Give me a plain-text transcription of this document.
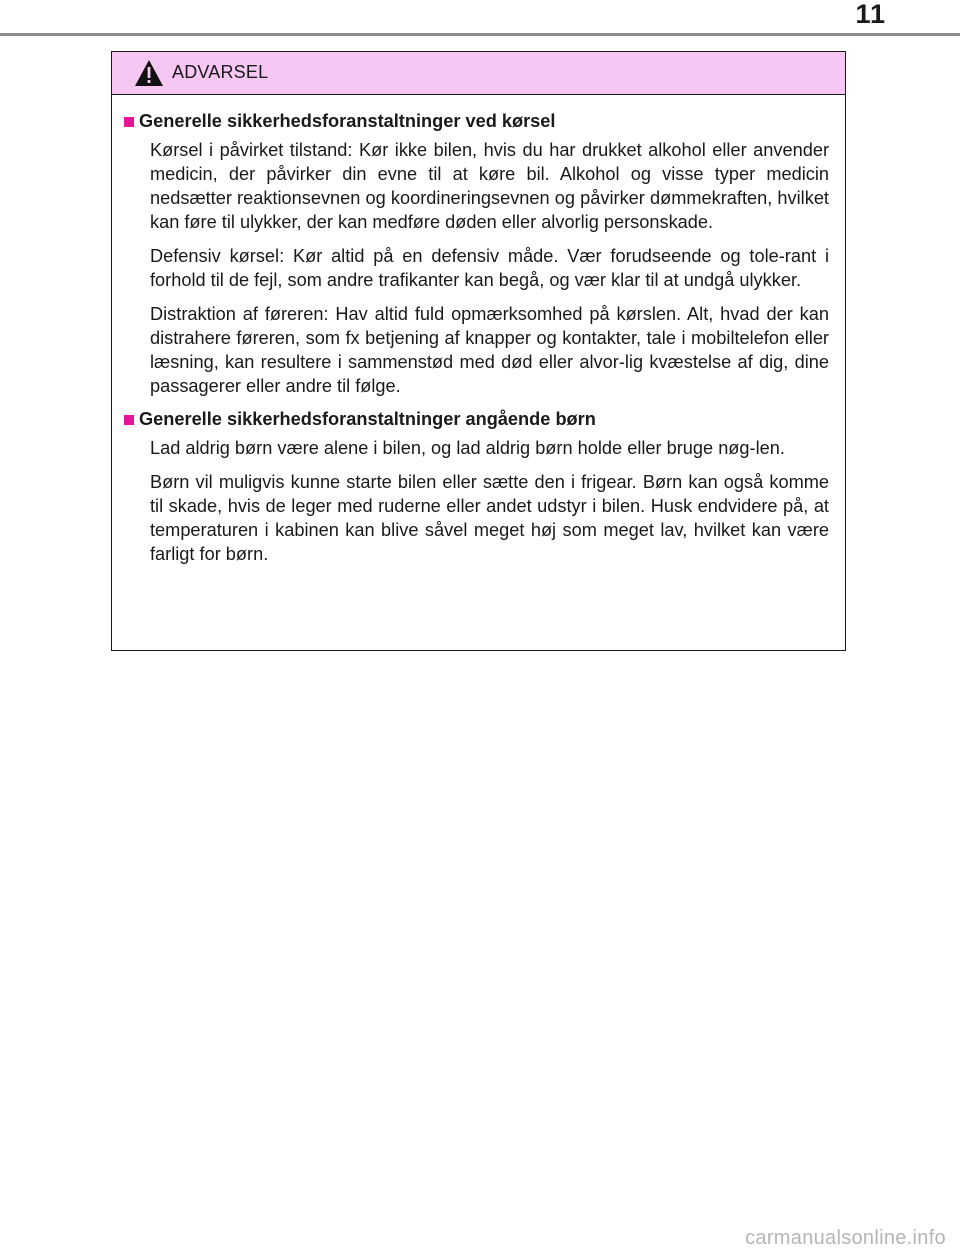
11
ADVARSEL
Generelle sikkerhedsforanstaltninger ved kørsel

Kørsel i påvirket tilstand: Kør ikke bilen, hvis du har drukket alkohol eller anvender medicin, der påvirker din evne til at køre bil. Alkohol og visse typer medicin nedsætter reaktionsevnen og koordineringsevnen og påvirker dømmekraften, hvilket kan føre til ulykker, der kan medføre døden eller alvorlig personskade.

Defensiv kørsel: Kør altid på en defensiv måde. Vær forudseende og tole-rant i forhold til de fejl, som andre trafikanter kan begå, og vær klar til at undgå ulykker.

Distraktion af føreren: Hav altid fuld opmærksomhed på kørslen. Alt, hvad der kan distrahere føreren, som fx betjening af knapper og kontakter, tale i mobiltelefon eller læsning, kan resultere i sammenstød med død eller alvor-lig kvæstelse af dig, dine passagerer eller andre til følge.

Generelle sikkerhedsforanstaltninger angående børn

Lad aldrig børn være alene i bilen, og lad aldrig børn holde eller bruge nøg-len.

Børn vil muligvis kunne starte bilen eller sætte den i frigear. Børn kan også komme til skade, hvis de leger med ruderne eller andet udstyr i bilen. Husk endvidere på, at temperaturen i kabinen kan blive såvel meget høj som meget lav, hvilket kan være farligt for børn.

carmanualsonline.info
